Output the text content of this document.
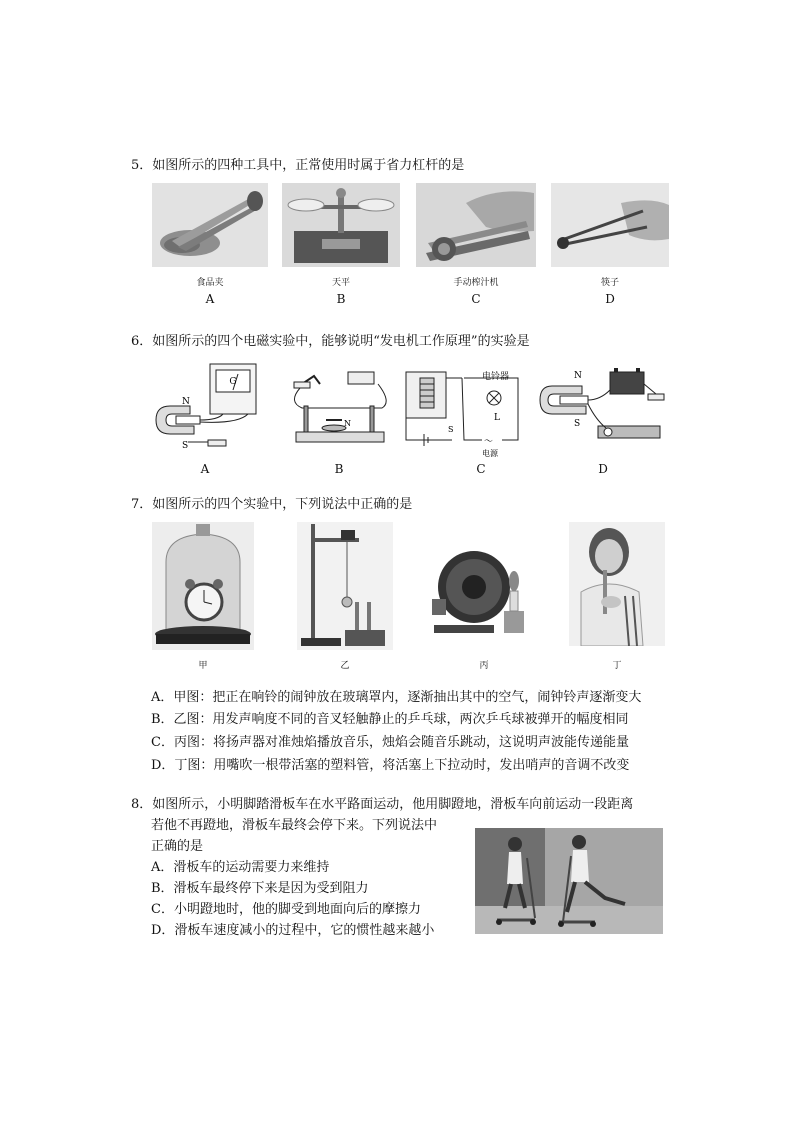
5．如图所示的四种工具中，正常使用时属于省力杠杆的是
食品夹
A
天平
B
手动榨汁机
C
筷子
D
6．如图所示的四个电磁实验中，能够说明“发电机工作原理”的实验是
G
N
S
A
N
B
电铃器
L
S
～
电源
C
N
S
D
7．如图所示的四个实验中，下列说法中正确的是
甲	乙	丙	丁
A．甲图：把正在响铃的闹钟放在玻璃罩内，逐渐抽出其中的空气，闹钟铃声逐渐变大
B．乙图：用发声响度不同的音叉轻触静止的乒乓球，两次乒乓球被弹开的幅度相同
C．丙图：将扬声器对准烛焰播放音乐，烛焰会随音乐跳动，这说明声波能传递能量
D．丁图：用嘴吹一根带活塞的塑料管，将活塞上下拉动时，发出哨声的音调不改变
8．如图所示，小明脚踏滑板车在水平路面运动，他用脚蹬地，滑板车向前运动一段距离
若他不再蹬地，滑板车最终会停下来。下列说法中
正确的是
A．滑板车的运动需要力来维持
B．滑板车最终停下来是因为受到阻力
C．小明蹬地时，他的脚受到地面向后的摩擦力
D．滑板车速度减小的过程中，它的惯性越来越小
